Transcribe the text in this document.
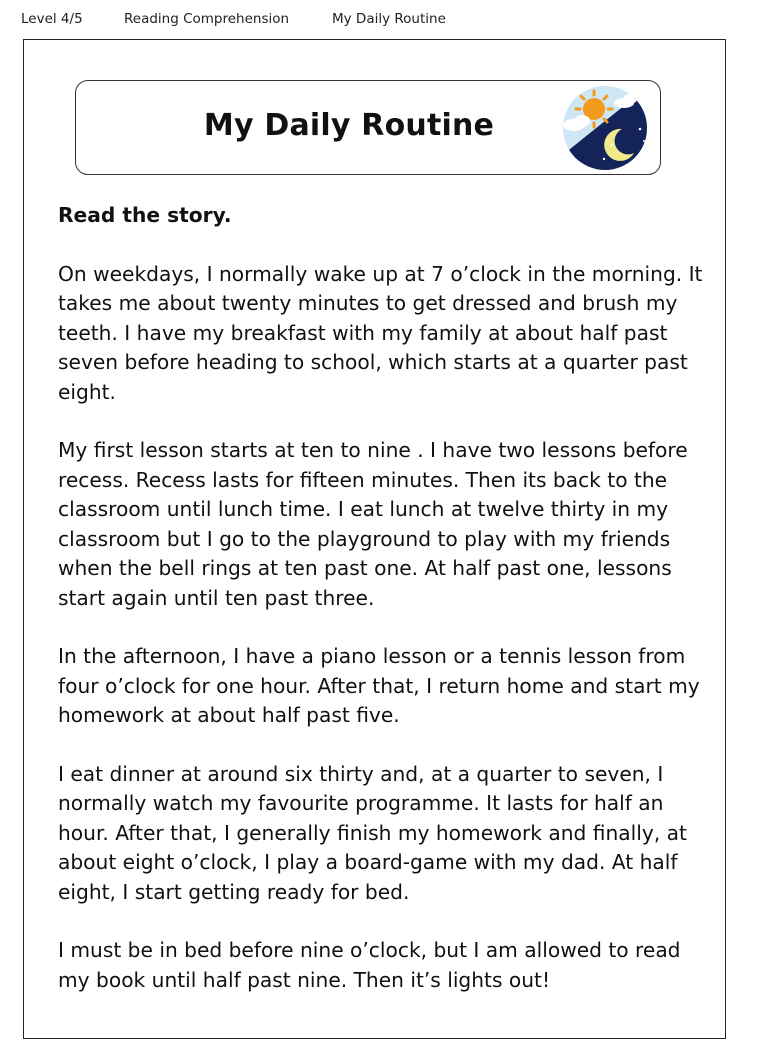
Level 4/5	Reading Comprehension	My Daily Routine
My Daily Routine

Read the story.

On weekdays, I normally wake up at 7 o’clock in the morning. It takes me about twenty minutes to get dressed and brush my teeth. I have my breakfast with my family at about half past seven before heading to school, which starts at a quarter past eight.

My first lesson starts at ten to nine . I have two lessons before recess. Recess lasts for fifteen minutes. Then its back to the classroom until lunch time. I eat lunch at twelve thirty in my classroom but I go to the playground to play with my friends when the bell rings at ten past one. At half past one, lessons start again until ten past three.

In the afternoon, I have a piano lesson or a tennis lesson from four o’clock for one hour. After that, I return home and start my homework at about half past five.

I eat dinner at around six thirty and, at a quarter to seven, I normally watch my favourite programme. It lasts for half an hour. After that, I generally finish my homework and finally, at about eight o’clock, I play a board-game with my dad. At half eight, I start getting ready for bed.

I must be in bed before nine o’clock, but I am allowed to read my book until half past nine. Then it’s lights out!
